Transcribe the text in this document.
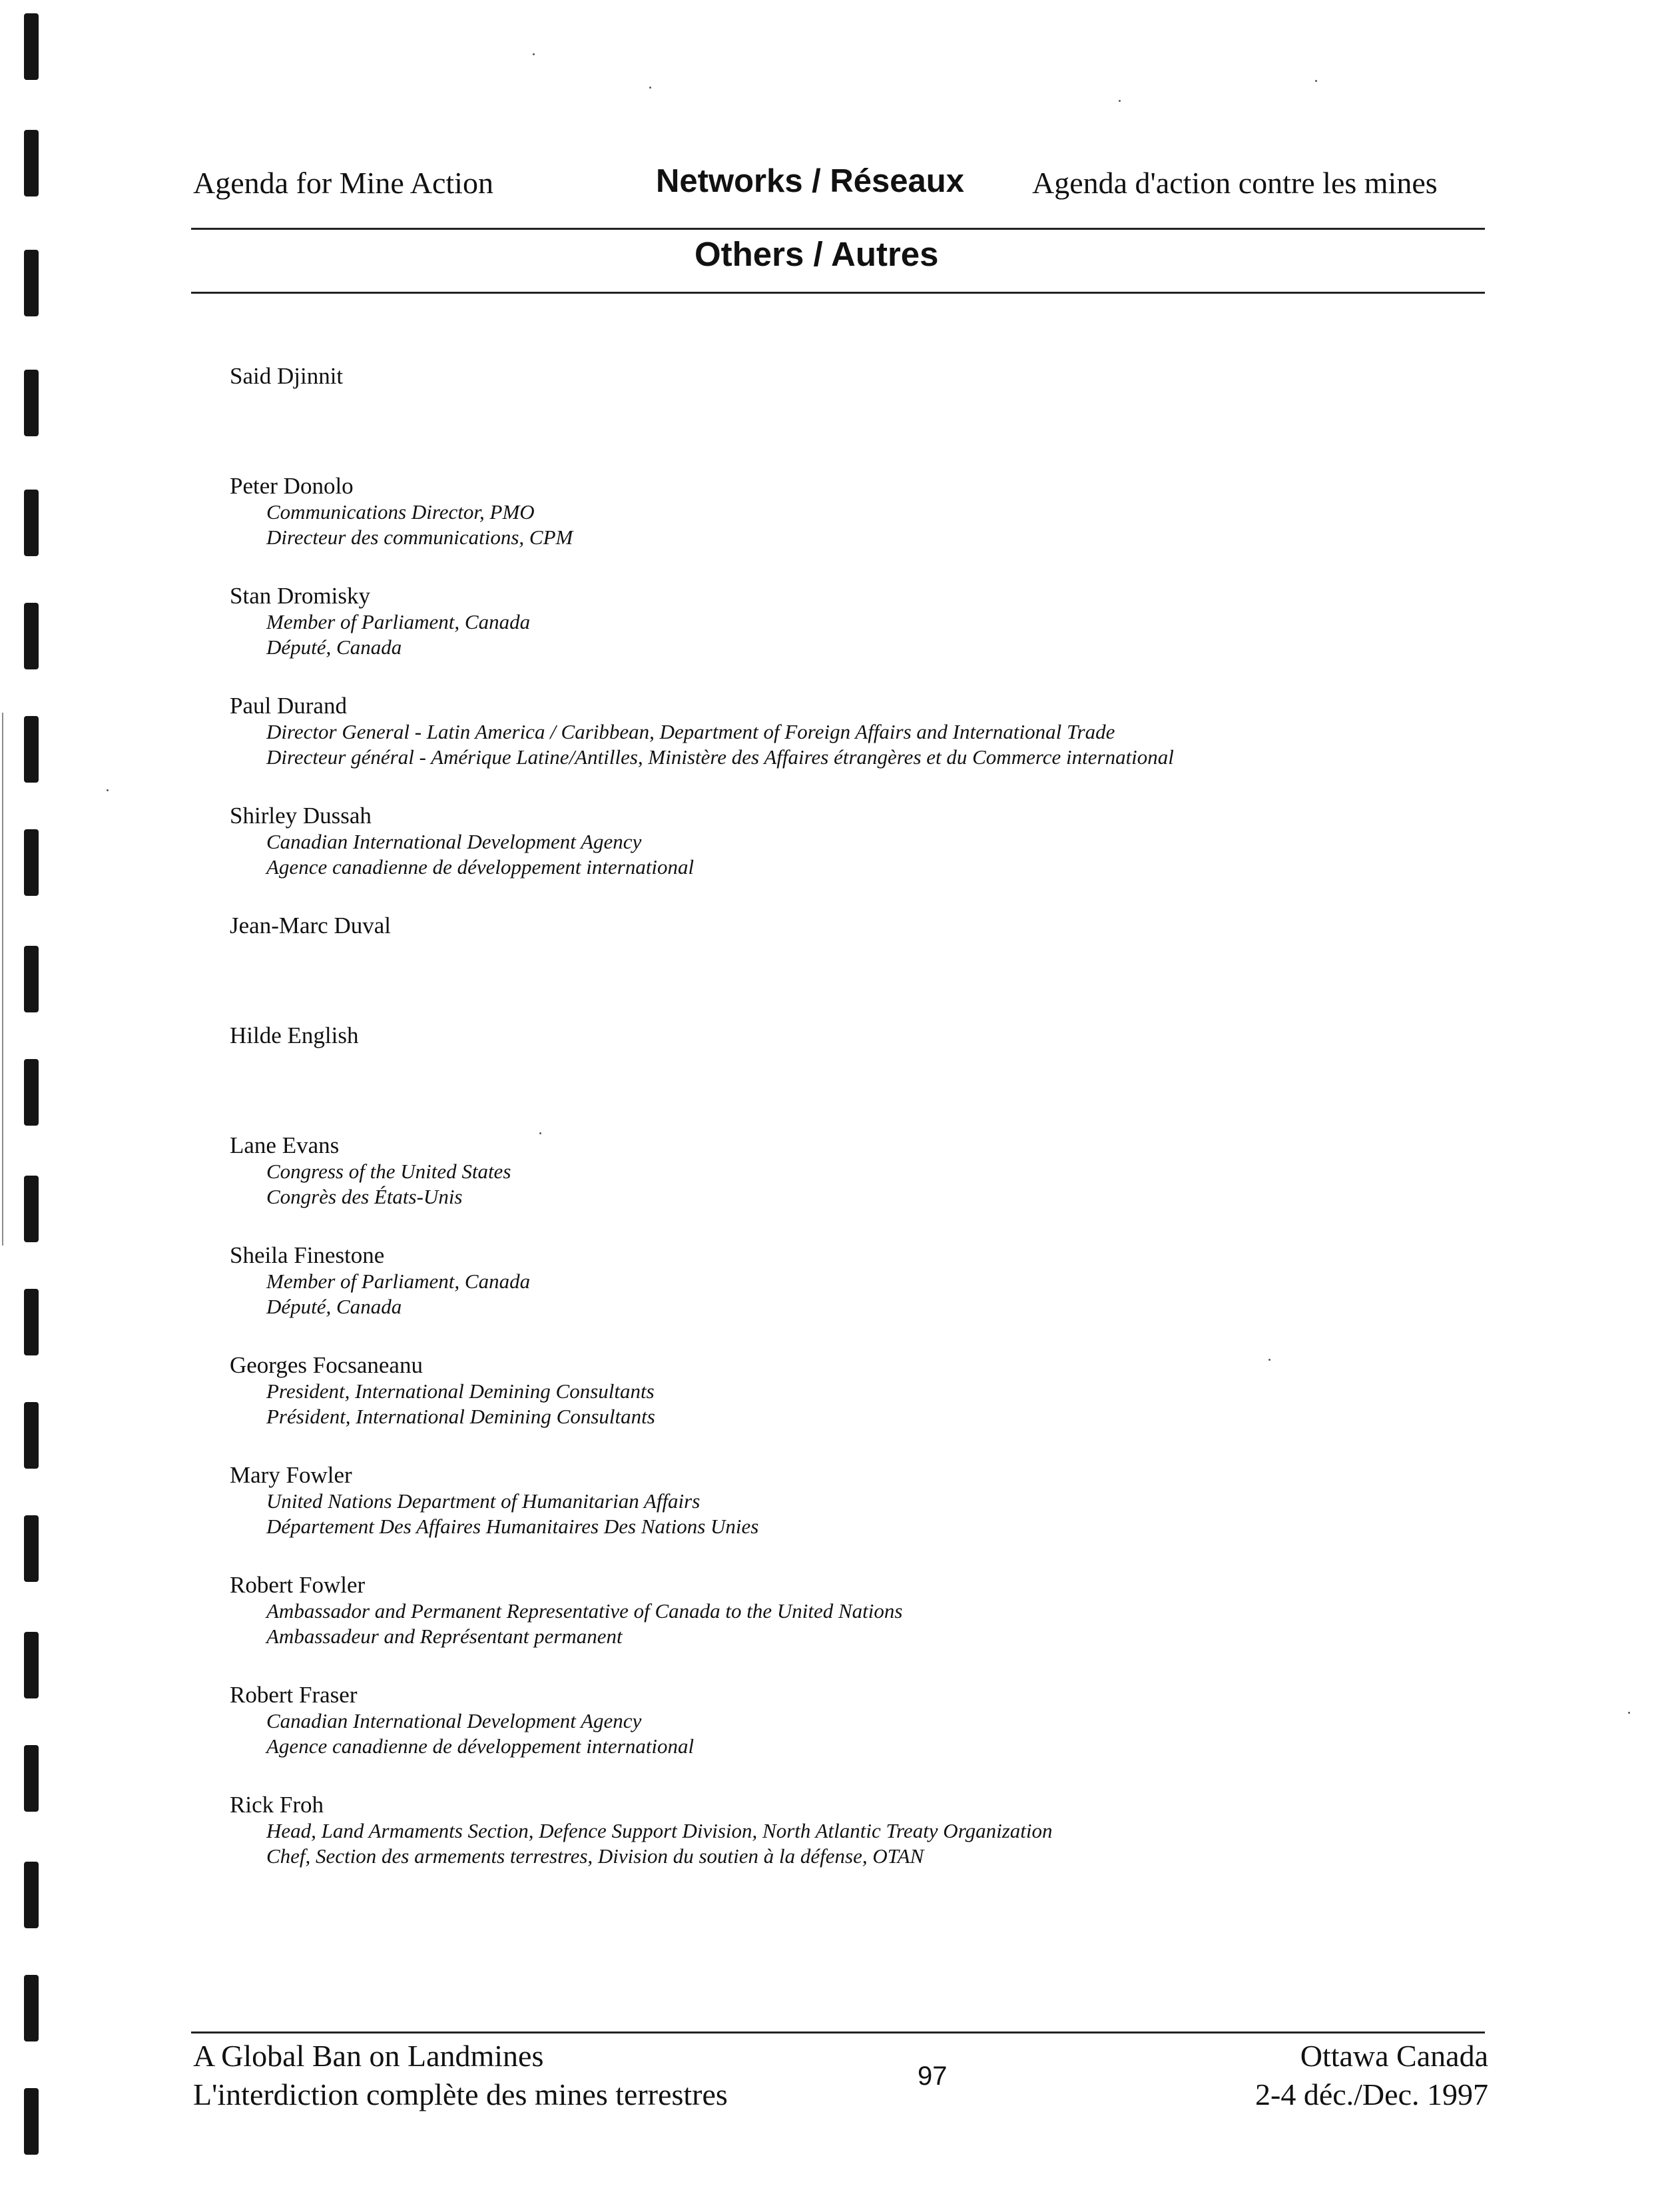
Agenda for Mine Action	Networks / Réseaux Agenda d'action contre les mines
Others / Autres
Said Djinnit
Peter Donolo
Communications Director, PMO
Directeur des communications, CPM
Stan Dromisky
Member of Parliament, Canada
Député, Canada
Paul Durand
Director General - Latin America / Caribbean, Department of Foreign Affairs and International Trade
Directeur général - Amérique Latine/Antilles, Ministère des Affaires étrangères et du Commerce international
Shirley Dussah
Canadian International Development Agency
Agence canadienne de développement international
Jean-Marc Duval
Hilde English
Lane Evans
Congress of the United States
Congrès des États-Unis
Sheila Finestone
Member of Parliament, Canada
Député, Canada
Georges Focsaneanu
President, International Demining Consultants
Président, International Demining Consultants
Mary Fowler
United Nations Department of Humanitarian Affairs
Département Des Affaires Humanitaires Des Nations Unies
Robert Fowler
Ambassador and Permanent Representative of Canada to the United Nations
Ambassadeur and Représentant permanent
Robert Fraser
Canadian International Development Agency
Agence canadienne de développement international
Rick Froh
Head, Land Armaments Section, Defence Support Division, North Atlantic Treaty Organization
Chef, Section des armements terrestres, Division du soutien à la défense, OTAN
A Global Ban on Landmines
L'interdiction complète des mines terrestres
97
Ottawa Canada
2-4 déc./Dec. 1997
